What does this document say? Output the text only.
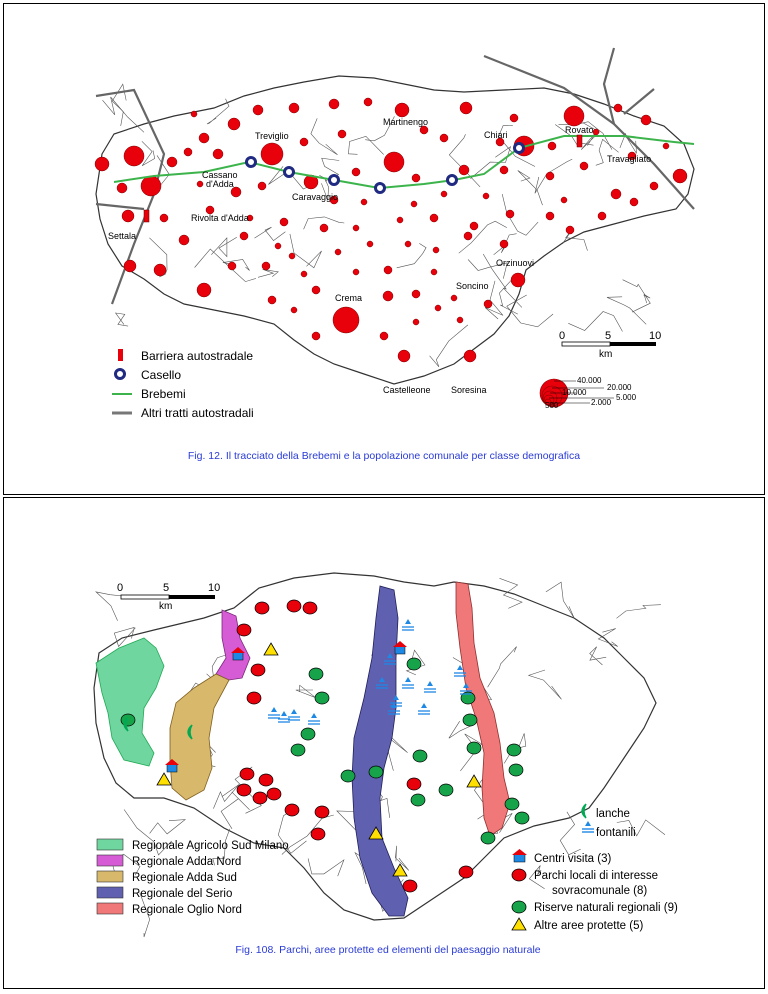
Martinengo
Treviglio	Chiari	Rovato
Travagliato
Cassano
d'Adda
Caravaggio
Rivolta d'Adda
Settala
Orzinuovi
Soncino
Crema
Castelleone Soresina
Barriera autostradale
Casello
Brebemi
Altri tratti autostradali
0	5	10
km
40.000
20.000
10.000
5.000
2.000
500
Fig. 12. Il tracciato della Brebemi e la popolazione comunale per classe demografica
0	5	10
km
Regionale Agricolo Sud Milano
Regionale Adda Nord
Regionale Adda Sud
Regionale del Serio
Regionale Oglio Nord
lanche
fontanili
Centri visita (3)
Parchi locali di interesse
sovracomunale (8)
Riserve naturali regionali (9)
Altre aree protette (5)
Fig. 108. Parchi, aree protette ed elementi del paesaggio naturale
